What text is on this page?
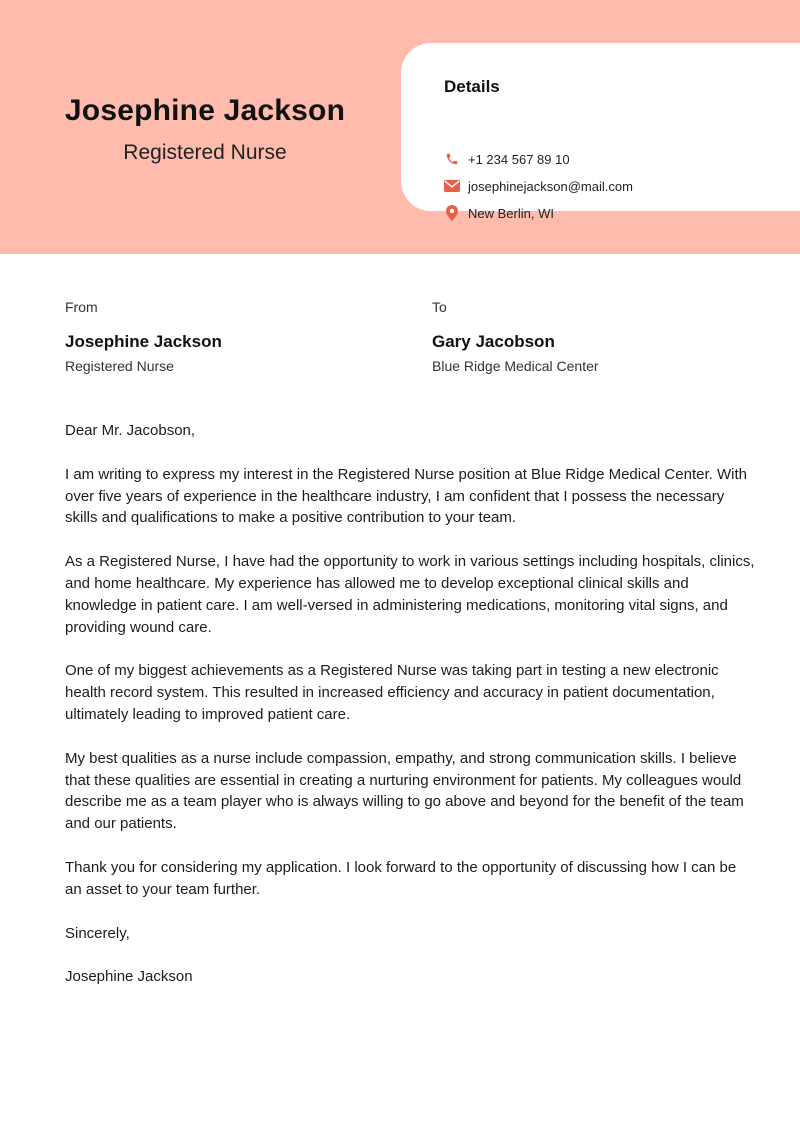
Josephine Jackson
Registered Nurse
Details
+1 234 567 89 10
josephinejackson@mail.com
New Berlin, WI
From
Josephine Jackson
Registered Nurse
To
Gary Jacobson
Blue Ridge Medical Center

Dear Mr. Jacobson,

I am writing to express my interest in the Registered Nurse position at Blue Ridge Medical Center. With over five years of experience in the healthcare industry, I am confident that I possess the necessary skills and qualifications to make a positive contribution to your team.

As a Registered Nurse, I have had the opportunity to work in various settings including hospitals, clinics, and home healthcare. My experience has allowed me to develop exceptional clinical skills and knowledge in patient care. I am well-versed in administering medications, monitoring vital signs, and providing wound care.

One of my biggest achievements as a Registered Nurse was taking part in testing a new electronic health record system. This resulted in increased efficiency and accuracy in patient documentation, ultimately leading to improved patient care.

My best qualities as a nurse include compassion, empathy, and strong communication skills. I believe that these qualities are essential in creating a nurturing environment for patients. My colleagues would describe me as a team player who is always willing to go above and beyond for the benefit of the team and our patients.

Thank you for considering my application. I look forward to the opportunity of discussing how I can be an asset to your team further.

Sincerely,

Josephine Jackson
